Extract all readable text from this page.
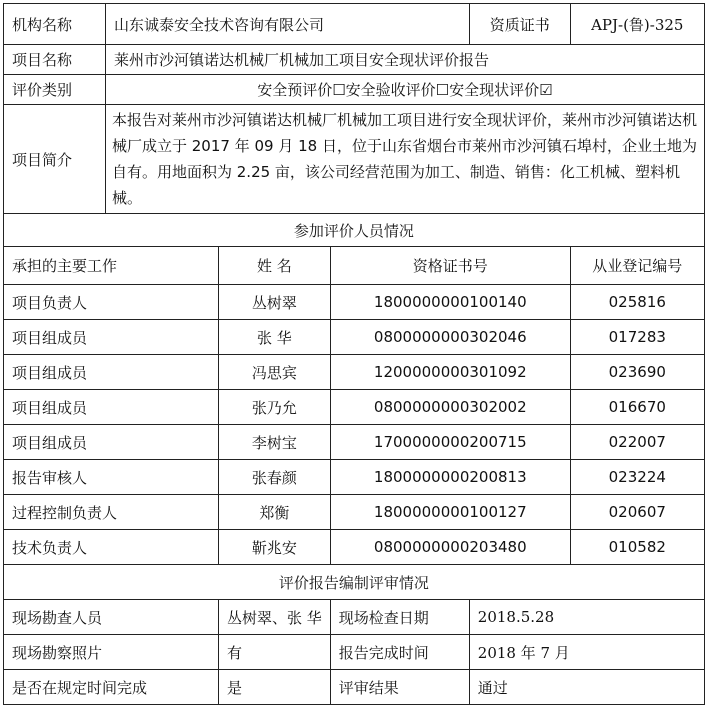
机构名称	山东诚泰安全技术咨询有限公司			资质证书	APJ-(鲁)-325
项目名称	莱州市沙河镇诺达机械厂机械加工项目安全现状评价报告				
评价类别	安全预评价☐安全验收评价☐安全现状评价☑				
项目简介	本报告对莱州市沙河镇诺达机械厂机械加工项目进行安全现状评价，莱州市沙河镇诺达机械厂成立于 2017 年 09 月 18 日，位于山东省烟台市莱州市沙河镇石埠村，企业土地为自有。用地面积为 2.25 亩，该公司经营范围为加工、制造、销售：化工机械、塑料机械。				
参加评价人员情况					
承担的主要工作		姓 名	资格证书号		从业登记编号
项目负责人		丛树翠	1800000000100140		025816
项目组成员		张 华	0800000000302046		017283
项目组成员		冯思宾	1200000000301092		023690
项目组成员		张乃允	0800000000302002		016670
项目组成员		李树宝	1700000000200715		022007
报告审核人		张春颜	1800000000200813		023224
过程控制负责人		郑衡	1800000000100127		020607
技术负责人		靳兆安	0800000000203480		010582
评价报告编制评审情况					
现场勘查人员		丛树翠、张 华	现场检查日期	2018.5.28	
现场勘察照片		有	报告完成时间	2018 年 7 月	
是否在规定时间完成		是	评审结果	通过	
